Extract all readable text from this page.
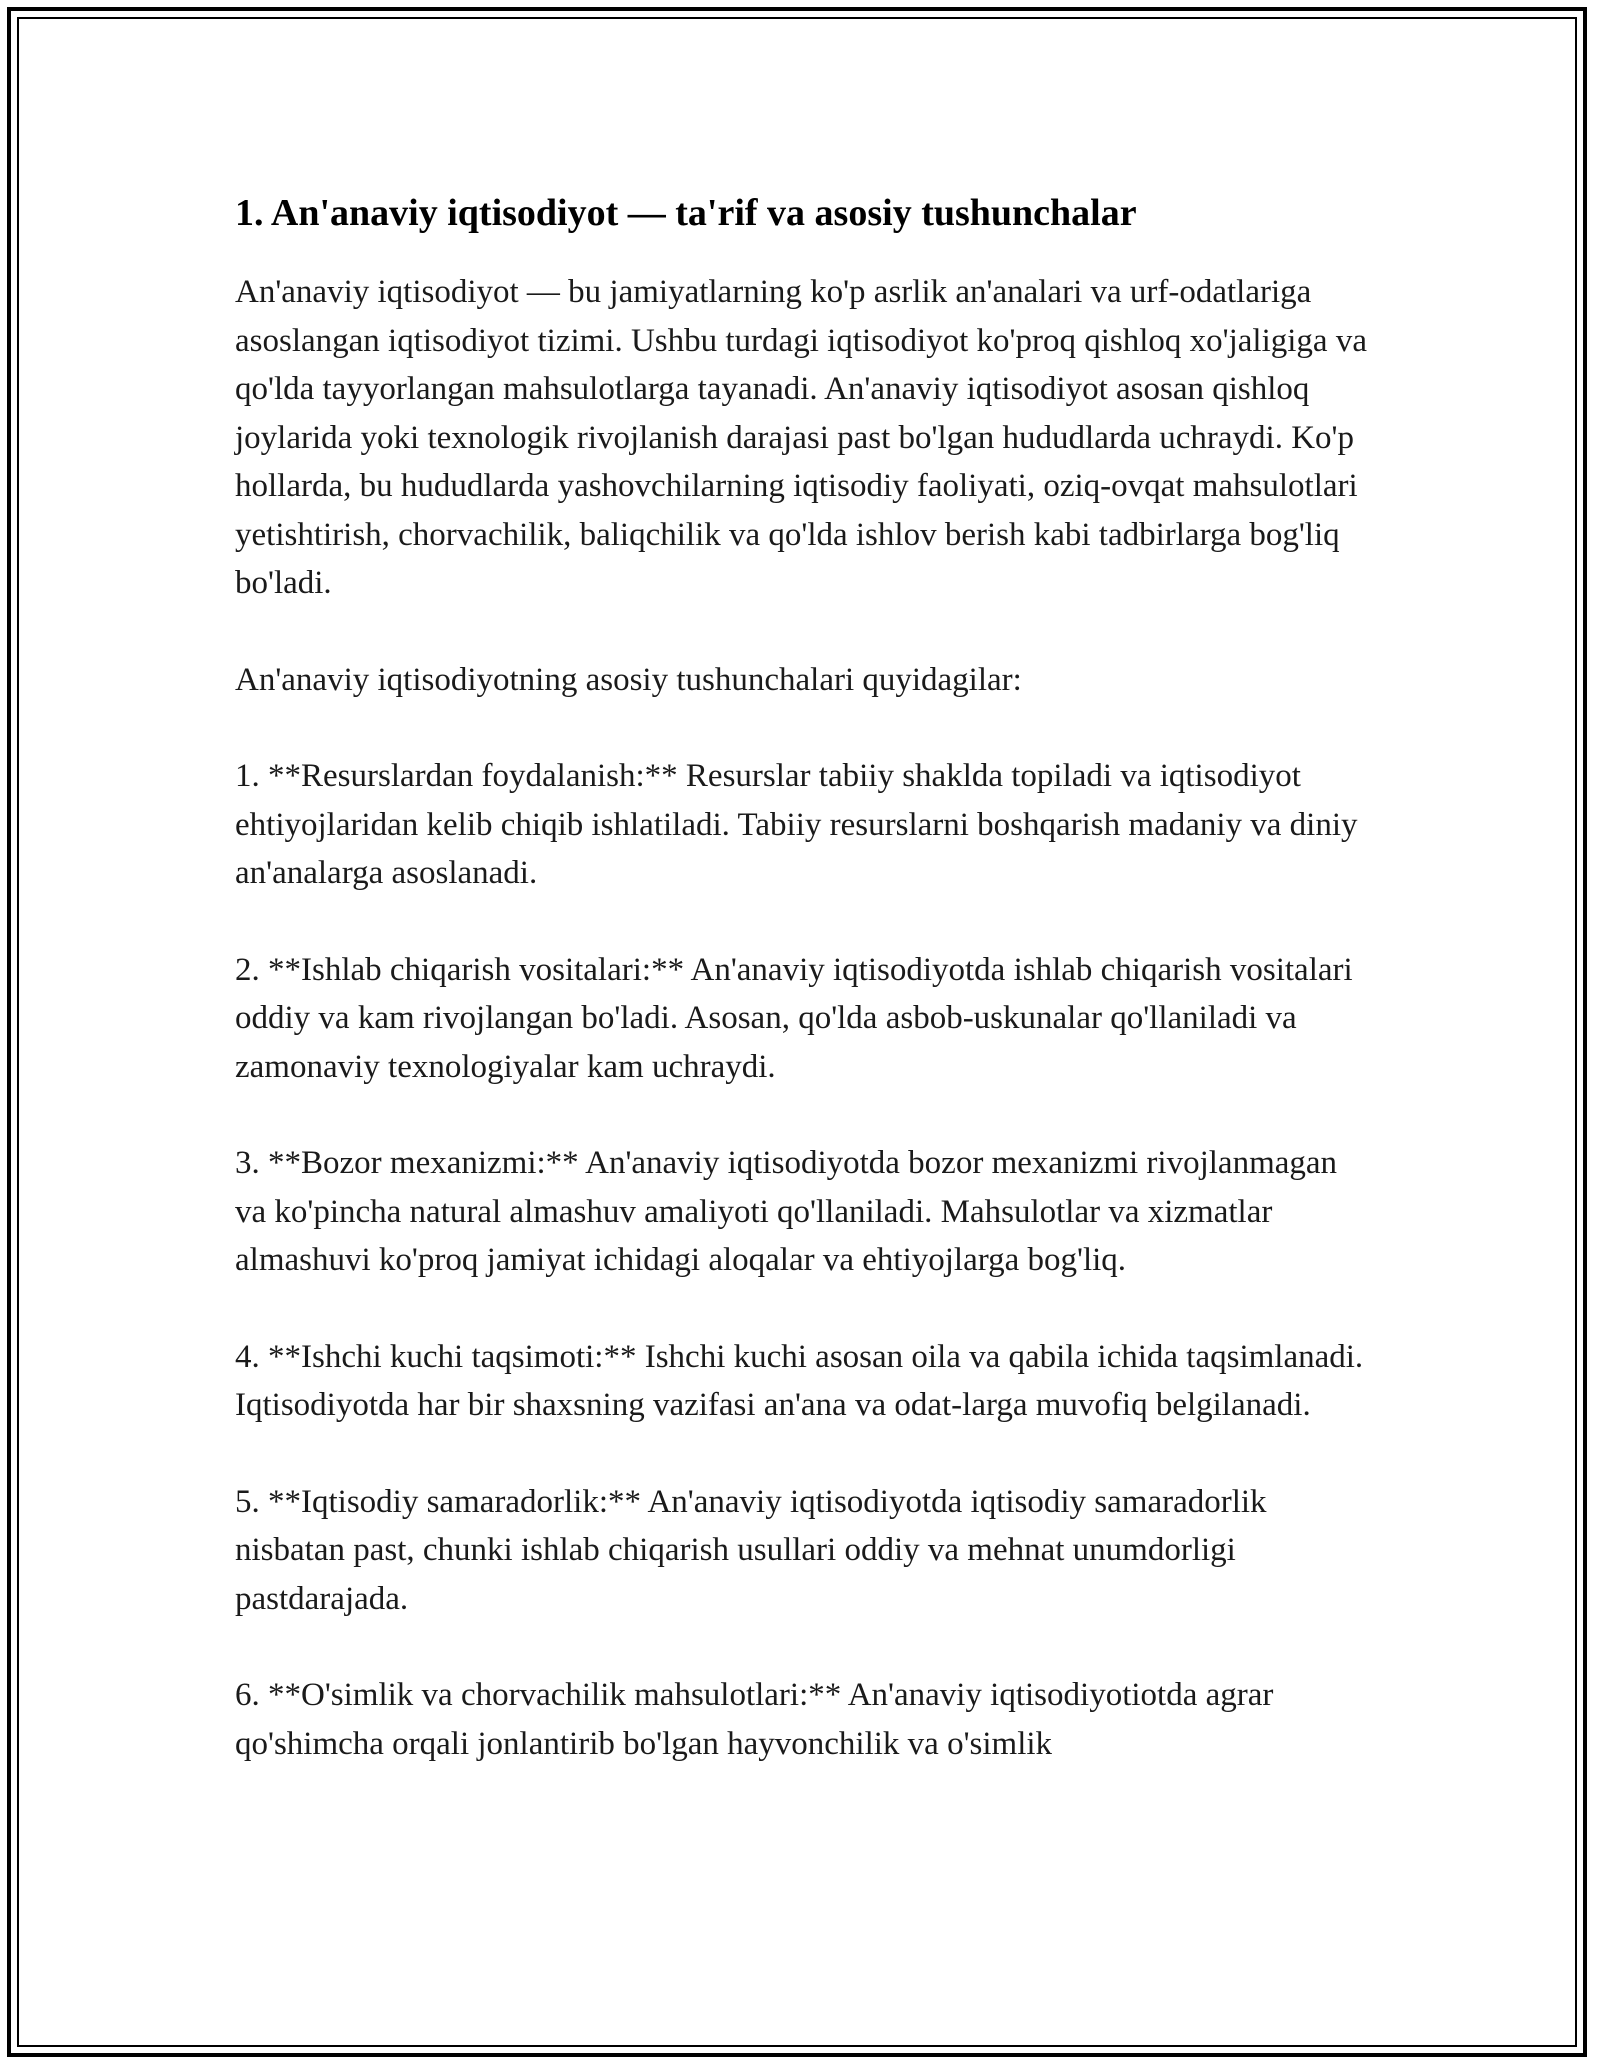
1. An'anaviy iqtisodiyot — ta'rif va asosiy tushunchalar

An'anaviy iqtisodiyot — bu jamiyatlarning ko'p asrlik an'analari va urf-odatlariga asoslangan iqtisodiyot tizimi. Ushbu turdagi iqtisodiyot ko'proq qishloq xo'jaligiga va qo'lda tayyorlangan mahsulotlarga tayanadi. An'anaviy iqtisodiyot asosan qishloq joylarida yoki texnologik rivojlanish darajasi past bo'lgan hududlarda uchraydi. Ko'p hollarda, bu hududlarda yashovchilarning iqtisodiy faoliyati, oziq-ovqat mahsulotlari yetishtirish, chorvachilik, baliqchilik va qo'lda ishlov berish kabi tadbirlarga bog'liq bo'ladi.

An'anaviy iqtisodiyotning asosiy tushunchalari quyidagilar:

1. **Resurslardan foydalanish:** Resurslar tabiiy shaklda topiladi va iqtisodiyot ehtiyojlaridan kelib chiqib ishlatiladi. Tabiiy resurslarni boshqarish madaniy va diniy an'analarga asoslanadi.

2. **Ishlab chiqarish vositalari:** An'anaviy iqtisodiyotda ishlab chiqarish vositalari oddiy va kam rivojlangan bo'ladi. Asosan, qo'lda asbob-uskunalar qo'llaniladi va zamonaviy texnologiyalar kam uchraydi.

3. **Bozor mexanizmi:** An'anaviy iqtisodiyotda bozor mexanizmi rivojlanmagan va ko'pincha natural almashuv amaliyoti qo'llaniladi. Mahsulotlar va xizmatlar almashuvi ko'proq jamiyat ichidagi aloqalar va ehtiyojlarga bog'liq.

4. **Ishchi kuchi taqsimoti:** Ishchi kuchi asosan oila va qabila ichida taqsimlanadi. Iqtisodiyotda har bir shaxsning vazifasi an'ana va odat-larga muvofiq belgilanadi.

5. **Iqtisodiy samaradorlik:** An'anaviy iqtisodiyotda iqtisodiy samaradorlik nisbatan past, chunki ishlab chiqarish usullari oddiy va mehnat unumdorligi pastdarajada.

6. **O'simlik va chorvachilik mahsulotlari:** An'anaviy iqtisodiyotiotda agrar qo'shimcha orqali jonlantirib bo'lgan hayvonchilik va o'simlik
